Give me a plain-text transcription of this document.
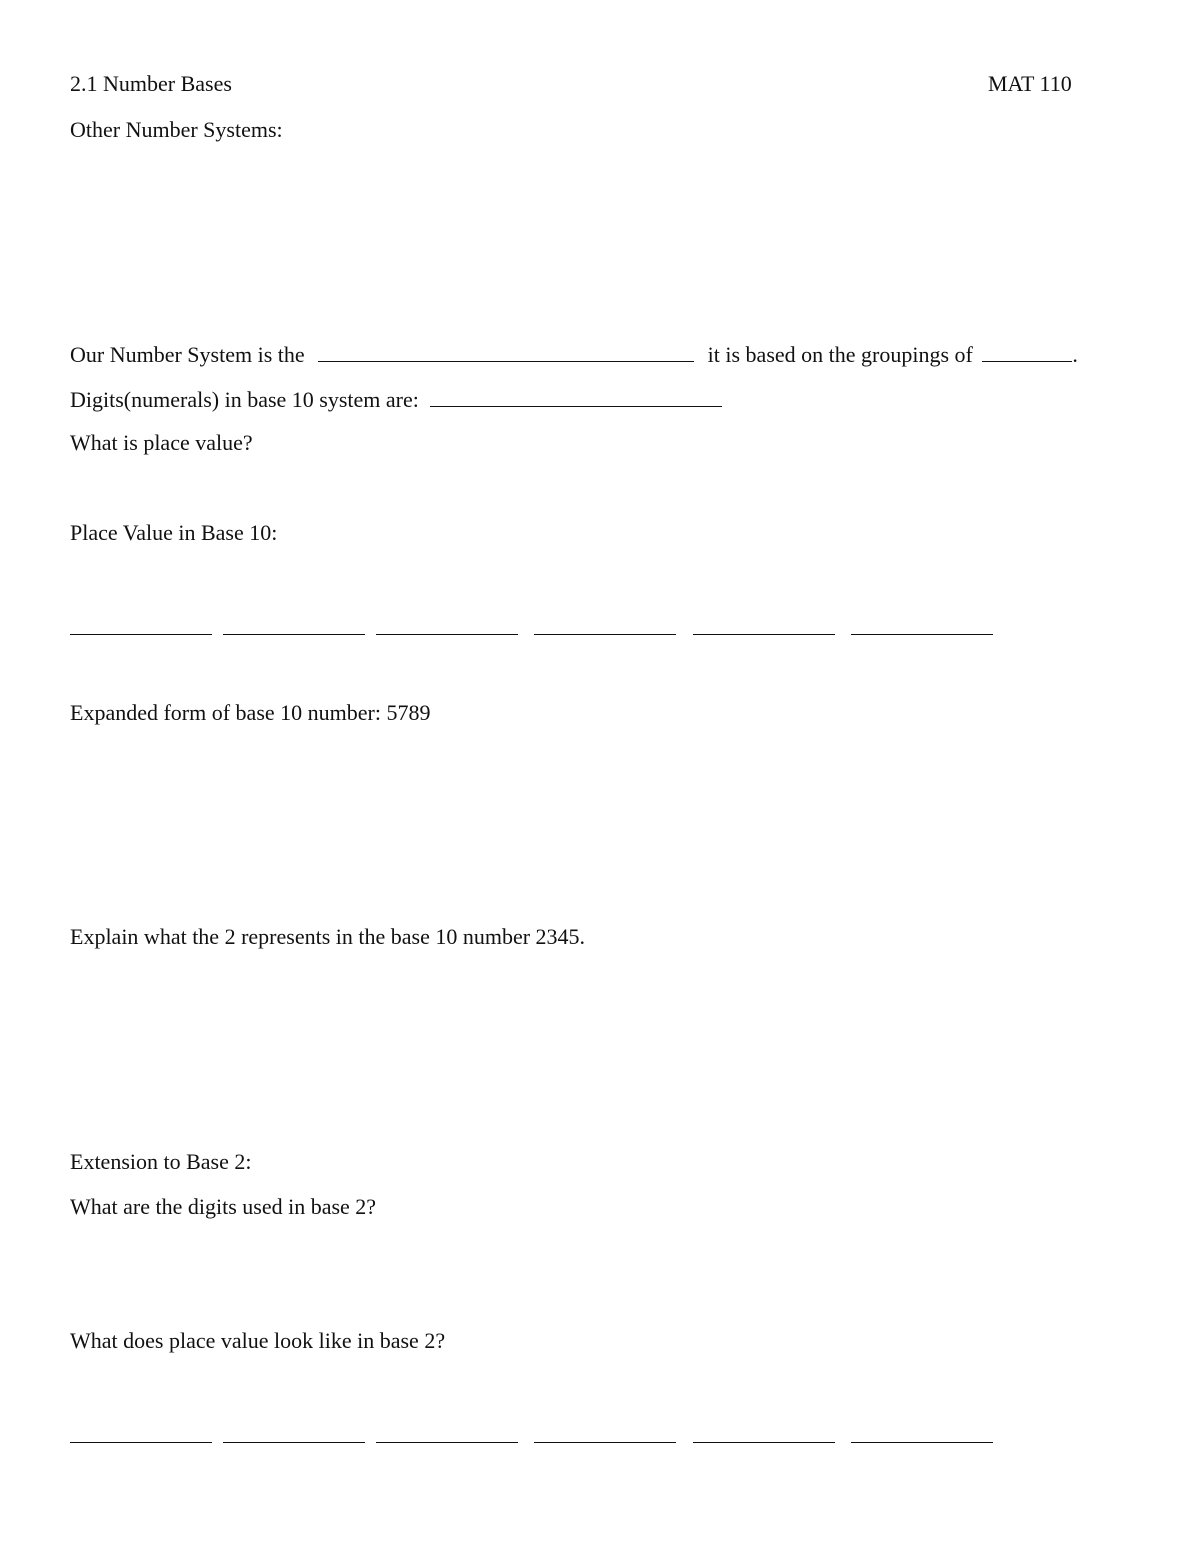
2.1 Number Bases	MAT 110
Other Number Systems:
Our Number System is the	it is based on the groupings of	.
Digits(numerals) in base 10 system are:
What is place value?
Place Value in Base 10:
Expanded form of base 10 number: 5789
Explain what the 2 represents in the base 10 number 2345.
Extension to Base 2:
What are the digits used in base 2?
What does place value look like in base 2?
